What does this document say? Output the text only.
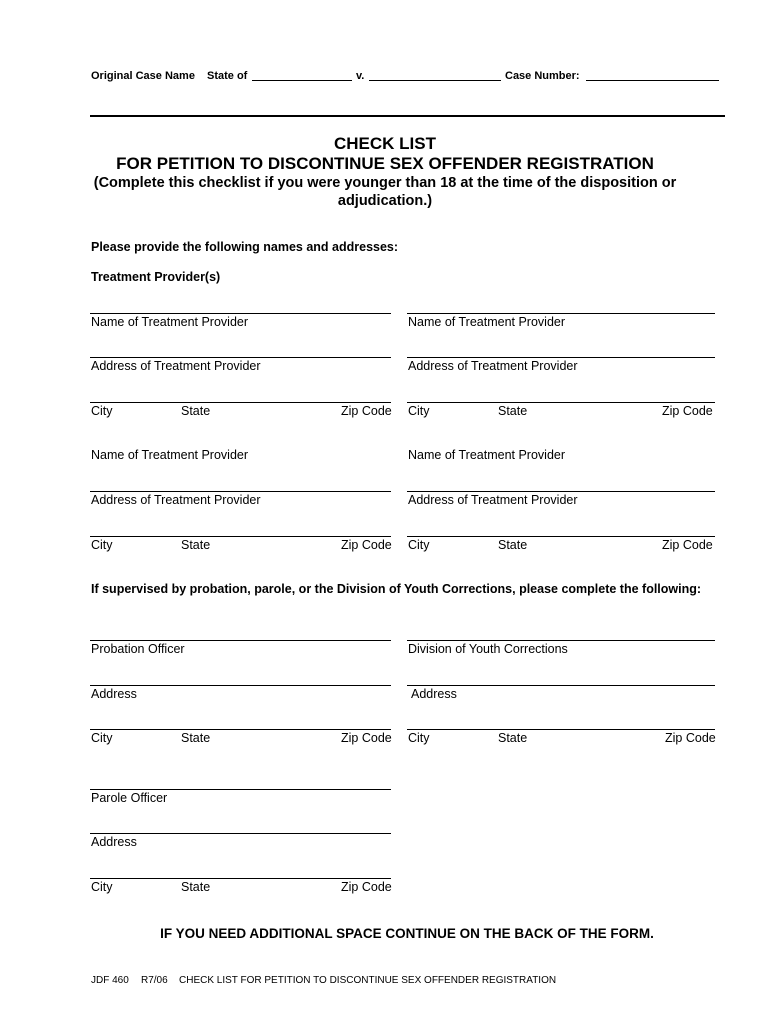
Original Case Name State of	v.	Case Number:
CHECK LIST
FOR PETITION TO DISCONTINUE SEX OFFENDER REGISTRATION
(Complete this checklist if you were younger than 18 at the time of the disposition or
adjudication.)
Please provide the following names and addresses:
Treatment Provider(s)
Name of Treatment Provider	Name of Treatment Provider
Address of Treatment Provider	Address of Treatment Provider
City	State	Zip Code City	State	Zip Code
Name of Treatment Provider	Name of Treatment Provider
Address of Treatment Provider	Address of Treatment Provider
City	State	Zip Code City	State	Zip Code
If supervised by probation, parole, or the Division of Youth Corrections, please complete the following:
Probation Officer	Division of Youth Corrections
Address	Address
City	State	Zip Code City	State	Zip Code
Parole Officer
Address
City	State	Zip Code
IF YOU NEED ADDITIONAL SPACE CONTINUE ON THE BACK OF THE FORM.
JDF 460 R7/06 CHECK LIST FOR PETITION TO DISCONTINUE SEX OFFENDER REGISTRATION
